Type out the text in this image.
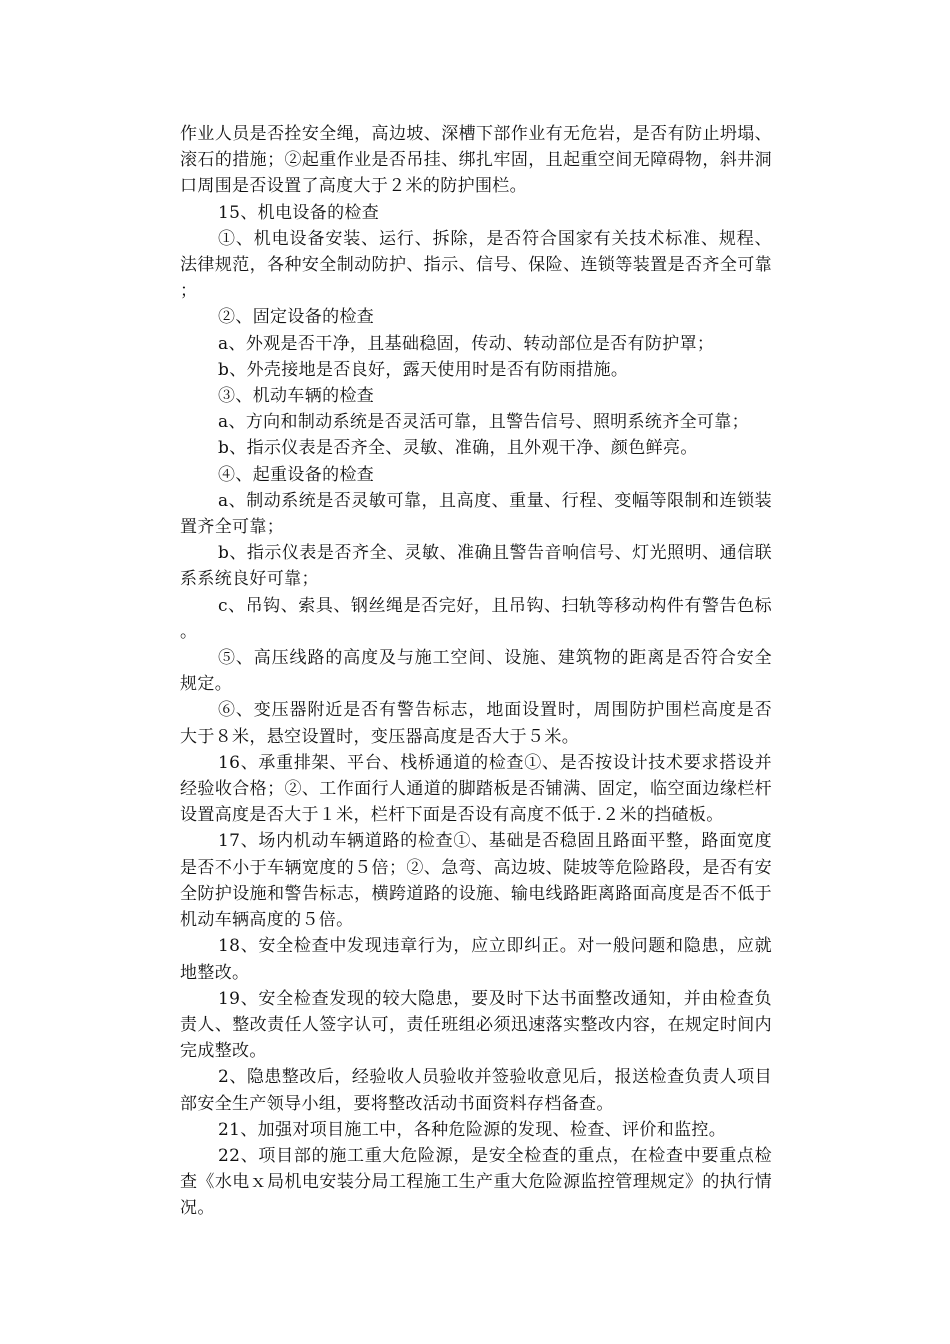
作业人员是否拴安全绳，高边坡、深槽下部作业有无危岩，是否有防止坍塌、滚石的措施；②起重作业是否吊挂、绑扎牢固，且起重空间无障碍物，斜井洞口周围是否设置了高度大于２米的防护围栏。

15、机电设备的检查

①、机电设备安装、运行、拆除，是否符合国家有关技术标准、规程、法律规范，各种安全制动防护、指示、信号、保险、连锁等装置是否齐全可靠；

②、固定设备的检查

a、外观是否干净，且基础稳固，传动、转动部位是否有防护罩；

b、外壳接地是否良好，露天使用时是否有防雨措施。

③、机动车辆的检查

a、方向和制动系统是否灵活可靠，且警告信号、照明系统齐全可靠；

b、指示仪表是否齐全、灵敏、准确，且外观干净、颜色鲜亮。

④、起重设备的检查

a、制动系统是否灵敏可靠，且高度、重量、行程、变幅等限制和连锁装置齐全可靠；

b、指示仪表是否齐全、灵敏、准确且警告音响信号、灯光照明、通信联系系统良好可靠；

c、吊钩、索具、钢丝绳是否完好，且吊钩、扫轨等移动构件有警告色标。

⑤、高压线路的高度及与施工空间、设施、建筑物的距离是否符合安全规定。

⑥、变压器附近是否有警告标志，地面设置时，周围防护围栏高度是否大于８米，悬空设置时，变压器高度是否大于５米。

16、承重排架、平台、栈桥通道的检查①、是否按设计技术要求搭设并经验收合格；②、工作面行人通道的脚踏板是否铺满、固定，临空面边缘栏杆设置高度是否大于１米，栏杆下面是否设有高度不低于.２米的挡碴板。

17、场内机动车辆道路的检查①、基础是否稳固且路面平整，路面宽度是否不小于车辆宽度的５倍；②、急弯、高边坡、陡坡等危险路段，是否有安全防护设施和警告标志，横跨道路的设施、输电线路距离路面高度是否不低于机动车辆高度的５倍。

18、安全检查中发现违章行为，应立即纠正。对一般问题和隐患，应就地整改。

19、安全检查发现的较大隐患，要及时下达书面整改通知，并由检查负责人、整改责任人签字认可，责任班组必须迅速落实整改内容，在规定时间内完成整改。

2、隐患整改后，经验收人员验收并签验收意见后，报送检查负责人项目部安全生产领导小组，要将整改活动书面资料存档备查。

21、加强对项目施工中，各种危险源的发现、检查、评价和监控。

22、项目部的施工重大危险源，是安全检查的重点，在检查中要重点检查《水电ｘ局机电安装分局工程施工生产重大危险源监控管理规定》的执行情况。
